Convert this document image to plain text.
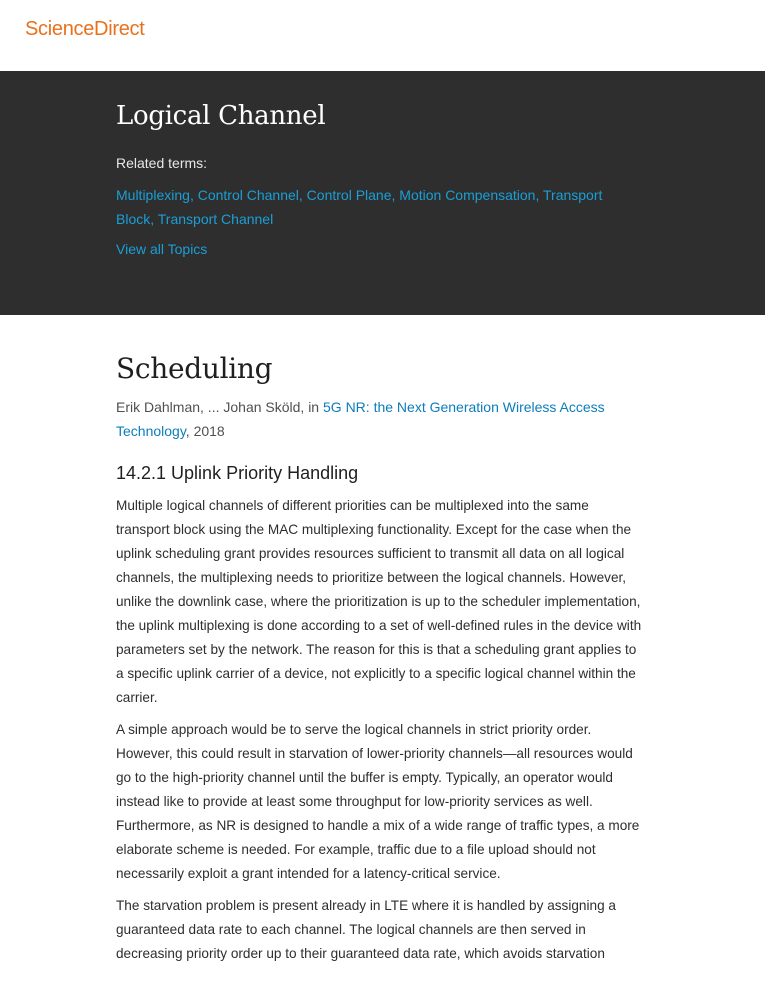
ScienceDirect
Logical Channel
Related terms:
Multiplexing, Control Channel, Control Plane, Motion Compensation, Transport Block, Transport Channel
View all Topics
Scheduling
Erik Dahlman, ... Johan Sköld, in 5G NR: the Next Generation Wireless Access Technology, 2018
14.2.1 Uplink Priority Handling

Multiple logical channels of different priorities can be multiplexed into the same transport block using the MAC multiplexing functionality. Except for the case when the uplink scheduling grant provides resources sufficient to transmit all data on all logical channels, the multiplexing needs to prioritize between the logical channels. However, unlike the downlink case, where the prioritization is up to the scheduler implementation, the uplink multiplexing is done according to a set of well-defined rules in the device with parameters set by the network. The reason for this is that a scheduling grant applies to a specific uplink carrier of a device, not explicitly to a specific logical channel within the carrier.

A simple approach would be to serve the logical channels in strict priority order. However, this could result in starvation of lower-priority channels—all resources would go to the high-priority channel until the buffer is empty. Typically, an operator would instead like to provide at least some throughput for low-priority services as well. Furthermore, as NR is designed to handle a mix of a wide range of traffic types, a more elaborate scheme is needed. For example, traffic due to a file upload should not necessarily exploit a grant intended for a latency-critical service.

The starvation problem is present already in LTE where it is handled by assigning a guaranteed data rate to each channel. The logical channels are then served in decreasing priority order up to their guaranteed data rate, which avoids starvation
